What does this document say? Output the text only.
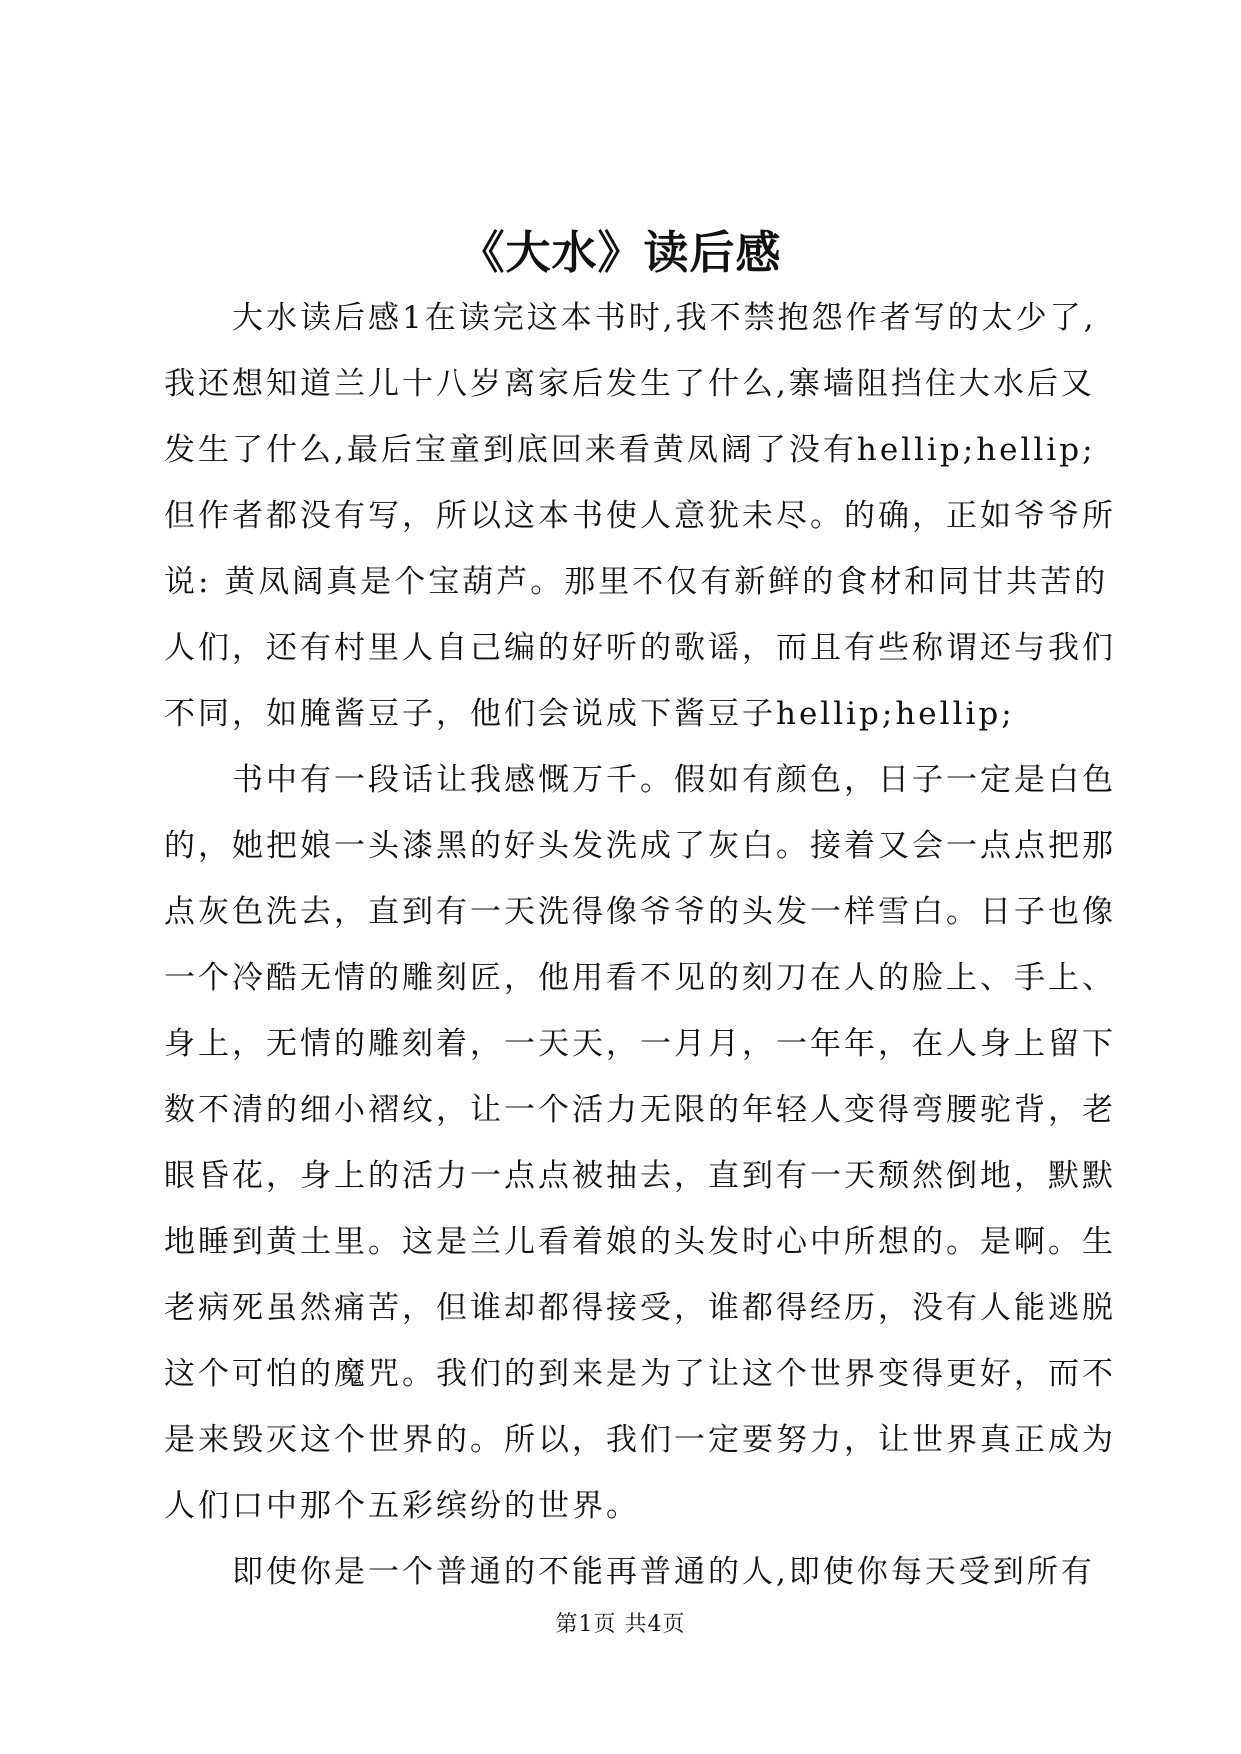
《大水》读后感

大水读后感1在读完这本书时,我不禁抱怨作者写的太少了,

我还想知道兰儿十八岁离家后发生了什么,寨墙阻挡住大水后又

发生了什么,最后宝童到底回来看黄凤阔了没有hellip;hellip;

但作者都没有写，所以这本书使人意犹未尽。的确，正如爷爷所

说: 黄凤阔真是个宝葫芦。那里不仅有新鲜的食材和同甘共苦的

人们，还有村里人自己编的好听的歌谣，而且有些称谓还与我们

不同，如腌酱豆子，他们会说成下酱豆子hellip;hellip;

书中有一段话让我感慨万千。假如有颜色，日子一定是白色

的，她把娘一头漆黑的好头发洗成了灰白。接着又会一点点把那

点灰色洗去，直到有一天洗得像爷爷的头发一样雪白。日子也像

一个冷酷无情的雕刻匠，他用看不见的刻刀在人的脸上、手上、

身上，无情的雕刻着，一天天，一月月，一年年，在人身上留下

数不清的细小褶纹，让一个活力无限的年轻人变得弯腰驼背，老

眼昏花，身上的活力一点点被抽去，直到有一天颓然倒地，默默

地睡到黄土里。这是兰儿看着娘的头发时心中所想的。是啊。生

老病死虽然痛苦，但谁却都得接受，谁都得经历，没有人能逃脱

这个可怕的魔咒。我们的到来是为了让这个世界变得更好，而不

是来毁灭这个世界的。所以，我们一定要努力，让世界真正成为

人们口中那个五彩缤纷的世界。

即使你是一个普通的不能再普通的人,即使你每天受到所有

第1页 共4页
